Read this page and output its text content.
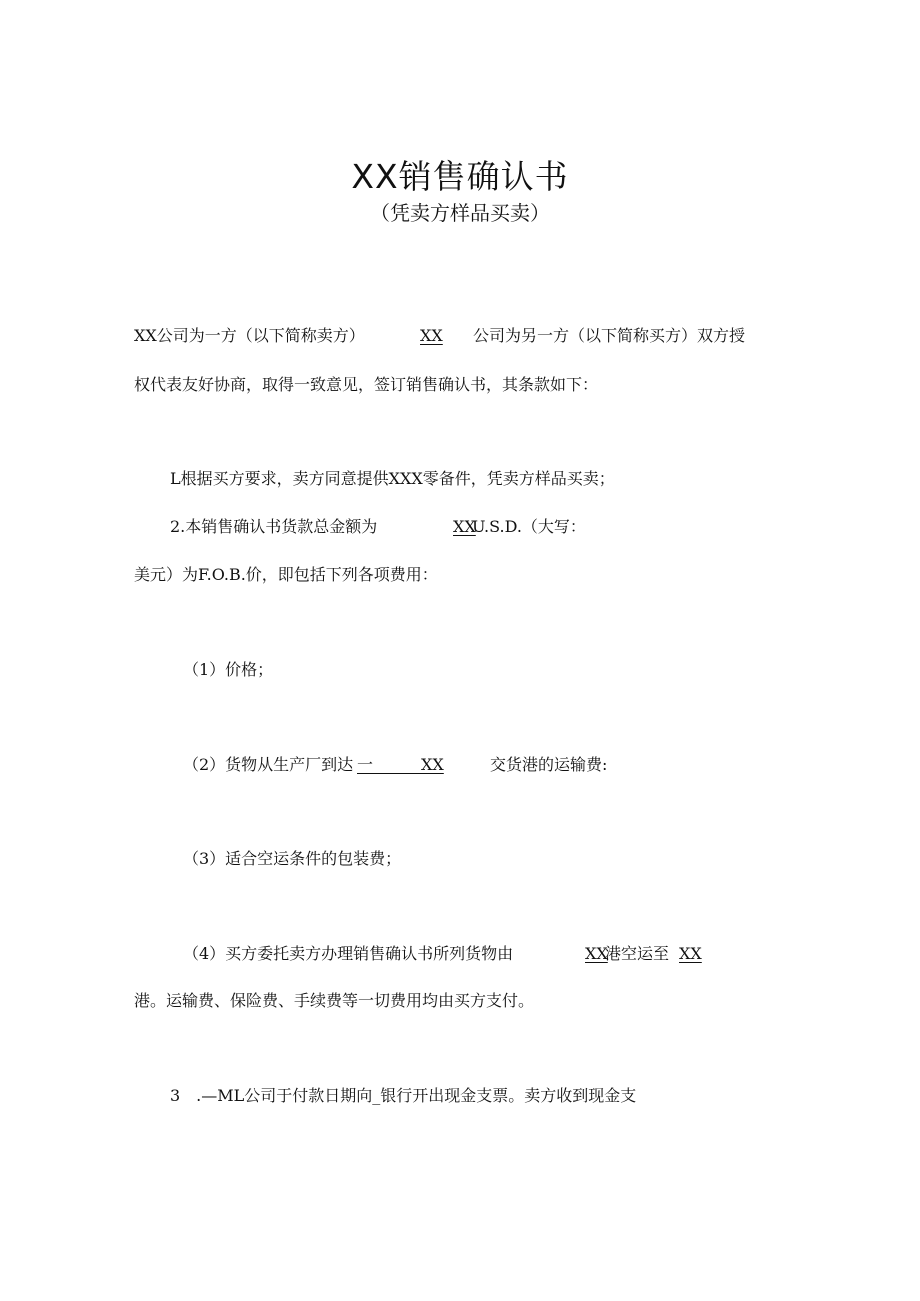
XX销售确认书
（凭卖方样品买卖）
XX公司为一方（以下简称卖方）	XX 公司为另一方（以下简称买方）双方授
权代表友好协商，取得一致意见，签订销售确认书，其条款如下：
L根据买方要求，卖方同意提供XXX零备件，凭卖方样品买卖；
2.本销售确认书货款总金额为	XX
U.S.D.（大写：
美元）为F.O.B.价，即包括下列各项费用：
（1）价格；
（2）货物从生产厂到达 一　　　XX	交货港的运输费:
（3）适合空运条件的包装费；
（4）买方委托卖方办理销售确认书所列货物由	XX
港空运至 XX
港。运输费、保险费、手续费等一切费用均由买方支付。
3　.—ML公司于付款日期向_银行开出现金支票。卖方收到现金支
